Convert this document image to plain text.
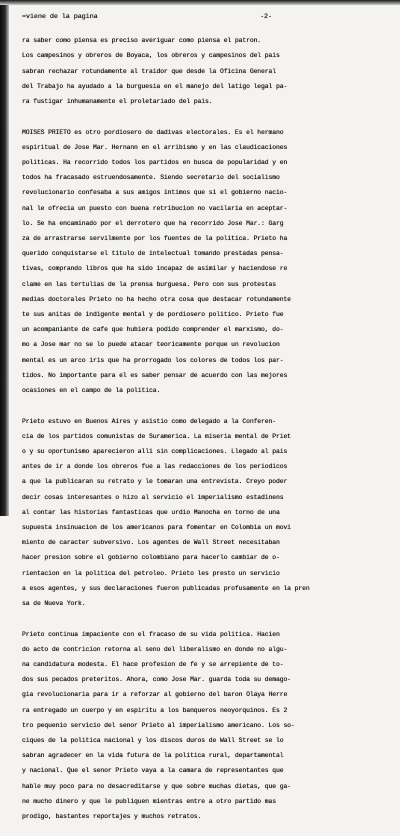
=viene de la pagina	-2-

ra saber como piensa es preciso averiguar como piensa el patron.

Los campesinos y obreros de Boyaca, los obreros y campesinos del pais

sabran rechazar rotundamente al traidor que desde la Oficina General

del Trabajo ha ayudado a la burguesia en el manejo del latigo legal pa-

ra fustigar inhumanamente el proletariado del pais.

MOISES PRIETO es otro pordiosero de dadivas electorales. Es el hermano

espiritual de Jose Mar. Hernann en el arribismo y en las claudicaciones

politicas. Ha recorrido todos los partidos en busca de popularidad y en

todos ha fracasado estruendosamente. Siendo secretario del socialismo

revolucionario confesaba a sus amigos intimos que si el gobierno nacio-

nal le ofrecia un puesto con buena retribucion no vacilaria en aceptar-

lo. Se ha encaminado por el derrotero que ha recorrido Jose Mar.: Garg

za de arrastrarse servilmente por los fuentes de la politica. Prieto ha

querido conquistarse el titulo de intelectual tomando prestadas pensa-

tivas, comprando libros que ha sido incapaz de asimilar y haciendose re

clame en las tertulias de la prensa burguesa. Pero con sus protestas

medias doctorales Prieto no ha hecho otra cosa que destacar rotundamente

te sus anitas de indigente mental y de pordiosero politico. Prieto fue

un acompaniante de cafe que hubiera podido comprender el marxismo, do-

mo a Jose mar no se lo puede atacar teoricamente porque un revolucion

mental es un arco iris que ha prorrogado los colores de todos los par-

tidos. No importante para el es saber pensar de acuerdo con las mejores

ocasiones en el campo de la politica.

Prieto estuvo en Buenos Aires y asistio como delegado a la Conferen-

cia de los partidos comunistas de Suramerica. La miseria mental de Priet

o y su oportunismo aparecieron alli sin complicaciones. Llegado al pais

antes de ir a donde los obreros fue a las redacciones de los periodicos

a que la publicaran su retrato y le tomaran una entrevista. Creyo poder

decir cosas interesantes o hizo al servicio el imperialismo estadinens

al contar las historias fantasticas que urdio Manocha en torno de una

supuesta insinuacion de los americanos para fomentar en Colombia un movi

miento de caracter subversivo. Los agentes de Wall Street necesitaban

hacer presion sobre el gobierno colombiano para hacerlo cambiar de o-

rientacion en la politica del petroleo. Prieto les presto un servicio

a esos agentes, y sus declaraciones fueron publicadas profusamente en la pren

sa de Nueva York.

Prieto continua impaciente con el fracaso de su vida politica. Hacien

do acto de contricion retorna al seno del liberalismo en donde no algu-

na candidatura modesta. El hace profesion de fe y se arrepiente de to-

dos sus pecados preteritos. Ahora, como Jose Mar. guarda toda su demago-

gia revolucionaria para ir a reforzar al gobierno del baron Olaya Herre

ra entregado un cuerpo y en espiritu a los banqueros neoyorquinos. Es 2

tro pequenio servicio del senor Prieto al imperialismo americano. Los so-

ciques de la politica nacional y los discos duros de Wall Street se lo

sabran agradecer en la vida futura de la politica rural, departamental

y nacional. Que el senor Prieto vaya a la camara de representantes que

hable muy poco para no desacreditarse y que sobre muchas dietas, que ga-

ne mucho dinero y que le publiquen mientras entre a otro partido mas

prodigo, bastantes reportajes y muchos retratos.
